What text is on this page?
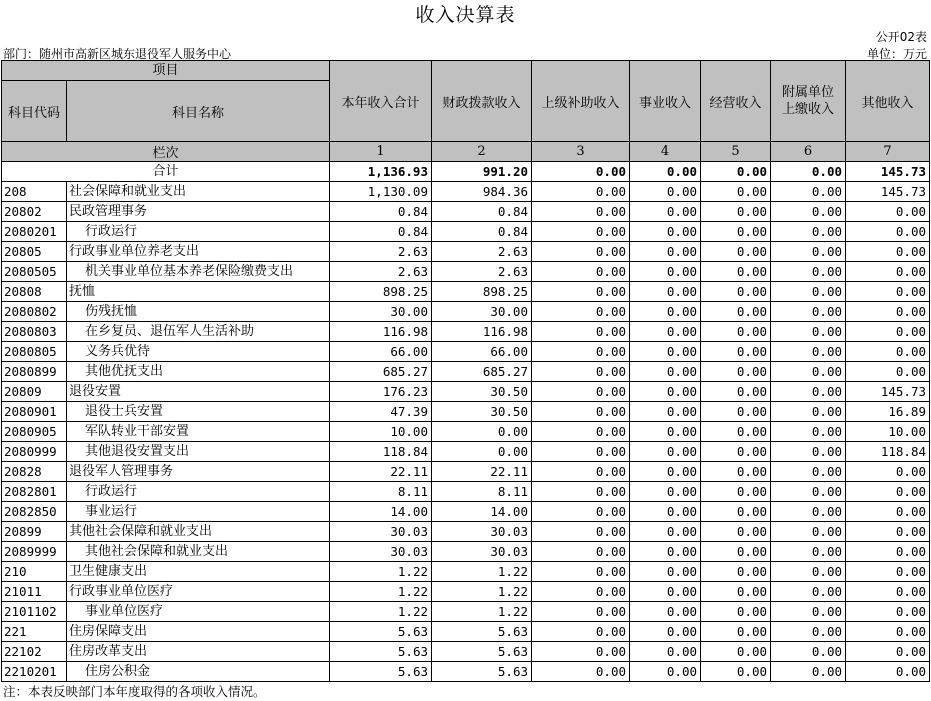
收入决算表
公开02表
部门：随州市高新区城东退役军人服务中心	单位：万元
项目		本年收入合计	财政拨款收入	上级补助收入	事业收入	经营收入	附属单位上缴收入	其他收入
科目代码	科目名称							
栏次		1	2	3	4	5	6	7
合计		1,136.93	991.20	0.00	0.00	0.00	0.00	145.73
208	社会保障和就业支出	1,130.09	984.36	0.00	0.00	0.00	0.00	145.73
20802	民政管理事务	0.84	0.84	0.00	0.00	0.00	0.00	0.00
2080201	行政运行	0.84	0.84	0.00	0.00	0.00	0.00	0.00
20805	行政事业单位养老支出	2.63	2.63	0.00	0.00	0.00	0.00	0.00
2080505	机关事业单位基本养老保险缴费支出	2.63	2.63	0.00	0.00	0.00	0.00	0.00
20808	抚恤	898.25	898.25	0.00	0.00	0.00	0.00	0.00
2080802	伤残抚恤	30.00	30.00	0.00	0.00	0.00	0.00	0.00
2080803	在乡复员、退伍军人生活补助	116.98	116.98	0.00	0.00	0.00	0.00	0.00
2080805	义务兵优待	66.00	66.00	0.00	0.00	0.00	0.00	0.00
2080899	其他优抚支出	685.27	685.27	0.00	0.00	0.00	0.00	0.00
20809	退役安置	176.23	30.50	0.00	0.00	0.00	0.00	145.73
2080901	退役士兵安置	47.39	30.50	0.00	0.00	0.00	0.00	16.89
2080905	军队转业干部安置	10.00	0.00	0.00	0.00	0.00	0.00	10.00
2080999	其他退役安置支出	118.84	0.00	0.00	0.00	0.00	0.00	118.84
20828	退役军人管理事务	22.11	22.11	0.00	0.00	0.00	0.00	0.00
2082801	行政运行	8.11	8.11	0.00	0.00	0.00	0.00	0.00
2082850	事业运行	14.00	14.00	0.00	0.00	0.00	0.00	0.00
20899	其他社会保障和就业支出	30.03	30.03	0.00	0.00	0.00	0.00	0.00
2089999	其他社会保障和就业支出	30.03	30.03	0.00	0.00	0.00	0.00	0.00
210	卫生健康支出	1.22	1.22	0.00	0.00	0.00	0.00	0.00
21011	行政事业单位医疗	1.22	1.22	0.00	0.00	0.00	0.00	0.00
2101102	事业单位医疗	1.22	1.22	0.00	0.00	0.00	0.00	0.00
221	住房保障支出	5.63	5.63	0.00	0.00	0.00	0.00	0.00
22102	住房改革支出	5.63	5.63	0.00	0.00	0.00	0.00	0.00
2210201	住房公积金	5.63	5.63	0.00	0.00	0.00	0.00	0.00
注：本表反映部门本年度取得的各项收入情况。
